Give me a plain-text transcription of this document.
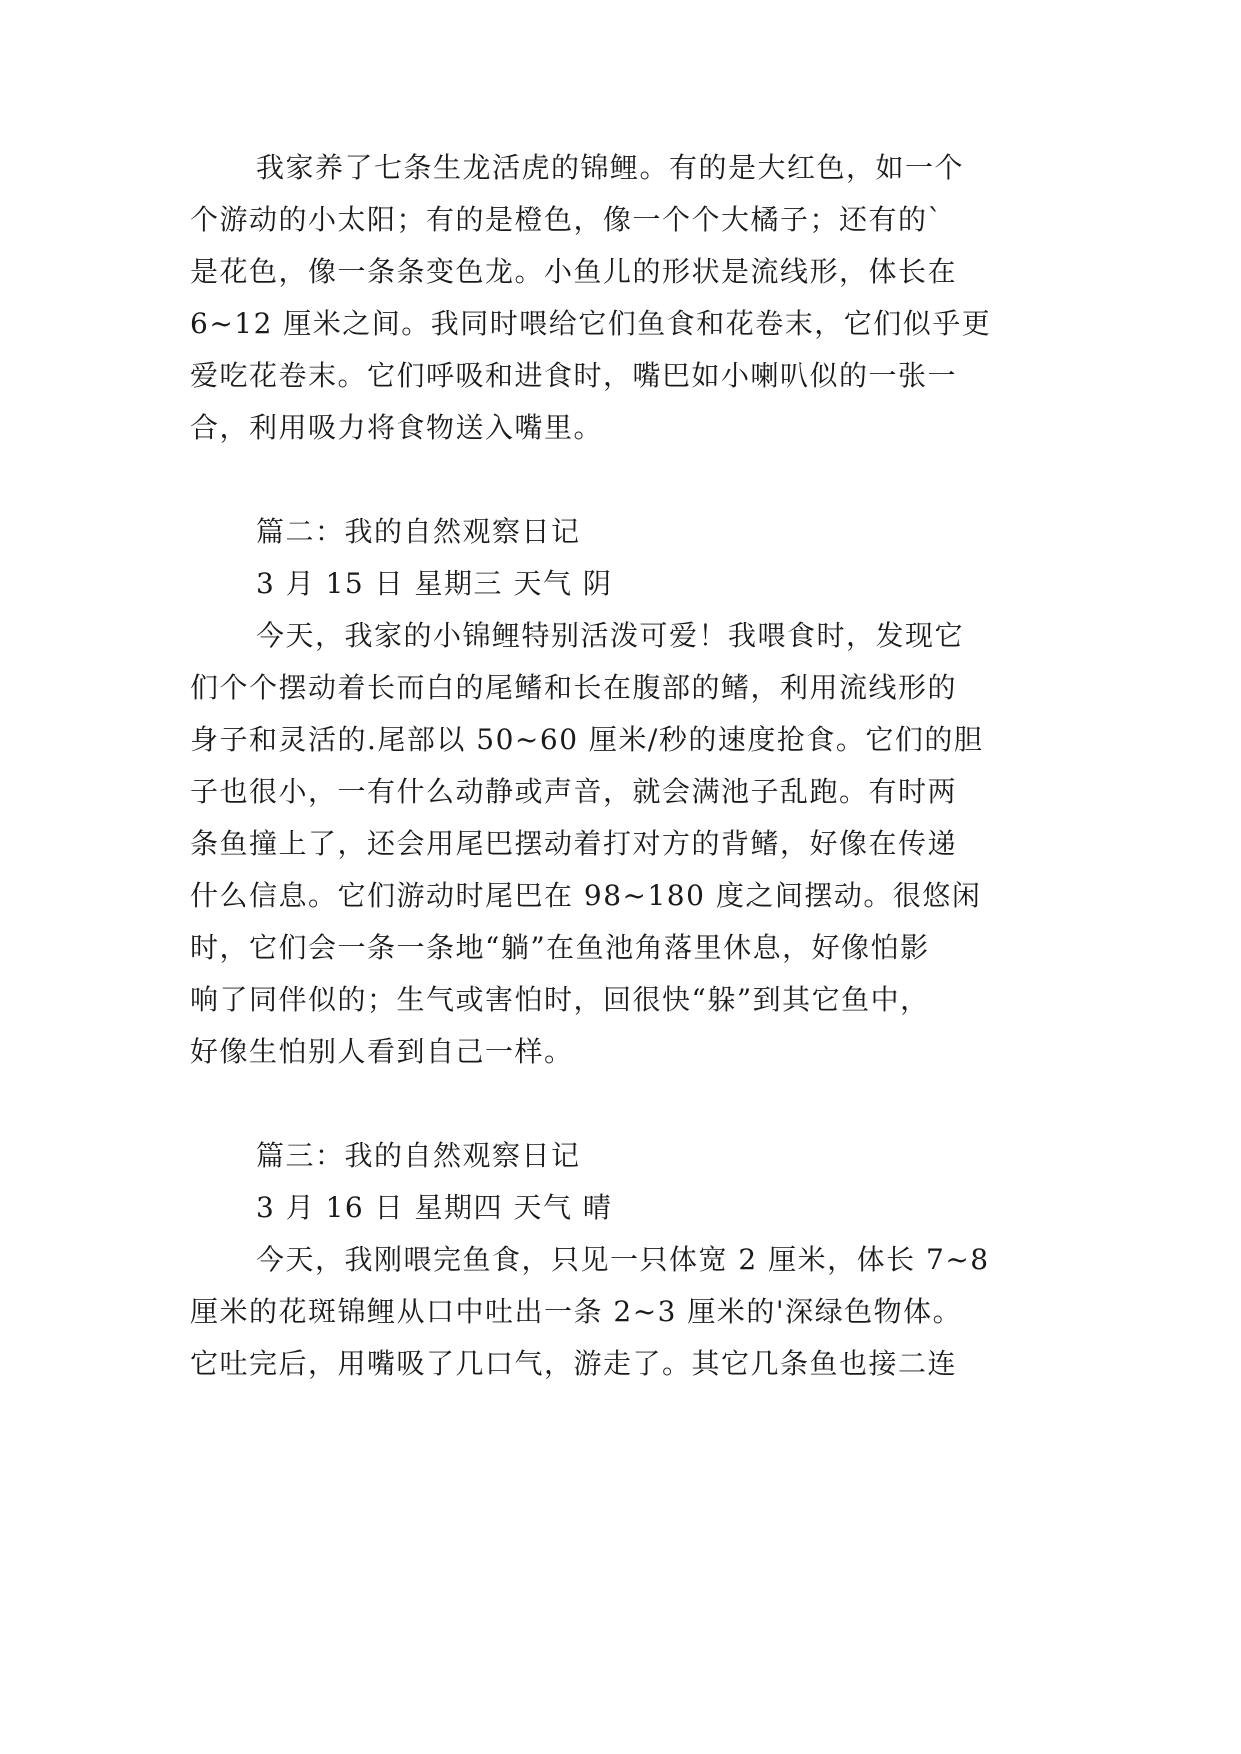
我家养了七条生龙活虎的锦鲤。有的是大红色，如一个
个游动的小太阳；有的是橙色，像一个个大橘子；还有的`
是花色，像一条条变色龙。小鱼儿的形状是流线形，体长在
6~12 厘米之间。我同时喂给它们鱼食和花卷末，它们似乎更
爱吃花卷末。它们呼吸和进食时，嘴巴如小喇叭似的一张一
合，利用吸力将食物送入嘴里。
篇二：我的自然观察日记
3 月 15 日 星期三 天气 阴
今天，我家的小锦鲤特别活泼可爱！我喂食时，发现它
们个个摆动着长而白的尾鳍和长在腹部的鳍，利用流线形的
身子和灵活的.尾部以 50~60 厘米/秒的速度抢食。它们的胆
子也很小，一有什么动静或声音，就会满池子乱跑。有时两
条鱼撞上了，还会用尾巴摆动着打对方的背鳍，好像在传递
什么信息。它们游动时尾巴在 98~180 度之间摆动。很悠闲
时，它们会一条一条地“躺”在鱼池角落里休息，好像怕影
响了同伴似的；生气或害怕时，回很快“躲”到其它鱼中，
好像生怕别人看到自己一样。
篇三：我的自然观察日记
3 月 16 日 星期四 天气 晴
今天，我刚喂完鱼食，只见一只体宽 2 厘米，体长 7~8
厘米的花斑锦鲤从口中吐出一条 2~3 厘米的'深绿色物体。
它吐完后，用嘴吸了几口气，游走了。其它几条鱼也接二连
